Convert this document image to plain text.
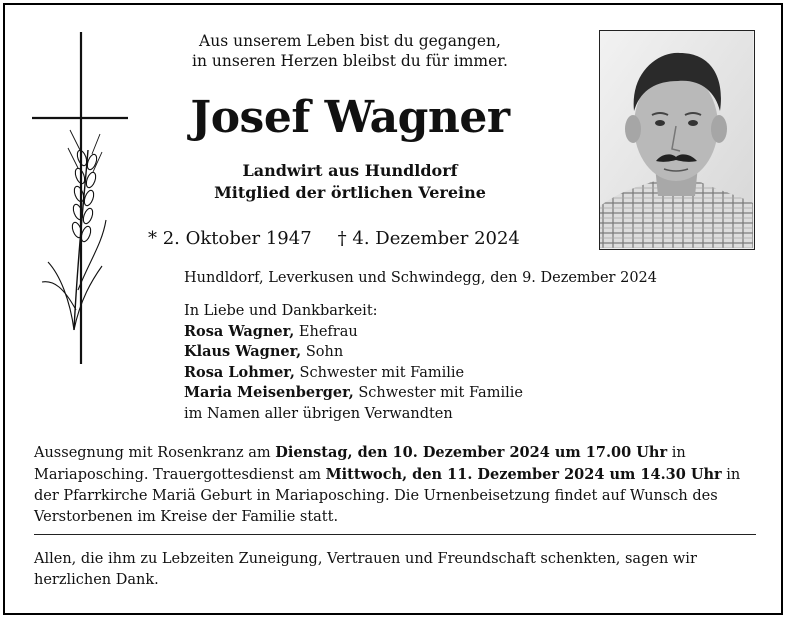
Aus unserem Leben bist du gegangen,
in unseren Herzen bleibst du für immer.
Josef Wagner
Landwirt aus Hundldorf
Mitglied der örtlichen Vereine
* 2. Oktober 1947 † 4. Dezember 2024
Hundldorf, Leverkusen und Schwindegg, den 9. Dezember 2024
In Liebe und Dankbarkeit:
Rosa Wagner, Ehefrau
Klaus Wagner, Sohn
Rosa Lohmer, Schwester mit Familie
Maria Meisenberger, Schwester mit Familie
im Namen aller übrigen Verwandten
Aussegnung mit Rosenkranz am Dienstag, den 10. Dezember 2024 um 17.00 Uhr in Mariaposching. Trauergottesdienst am Mittwoch, den 11. Dezember 2024 um 14.30 Uhr in der Pfarrkirche Mariä Geburt in Mariaposching. Die Urnenbeisetzung findet auf Wunsch des Verstorbenen im Kreise der Familie statt.
Allen, die ihm zu Lebzeiten Zuneigung, Vertrauen und Freundschaft schenkten, sagen wir herzlichen Dank.
